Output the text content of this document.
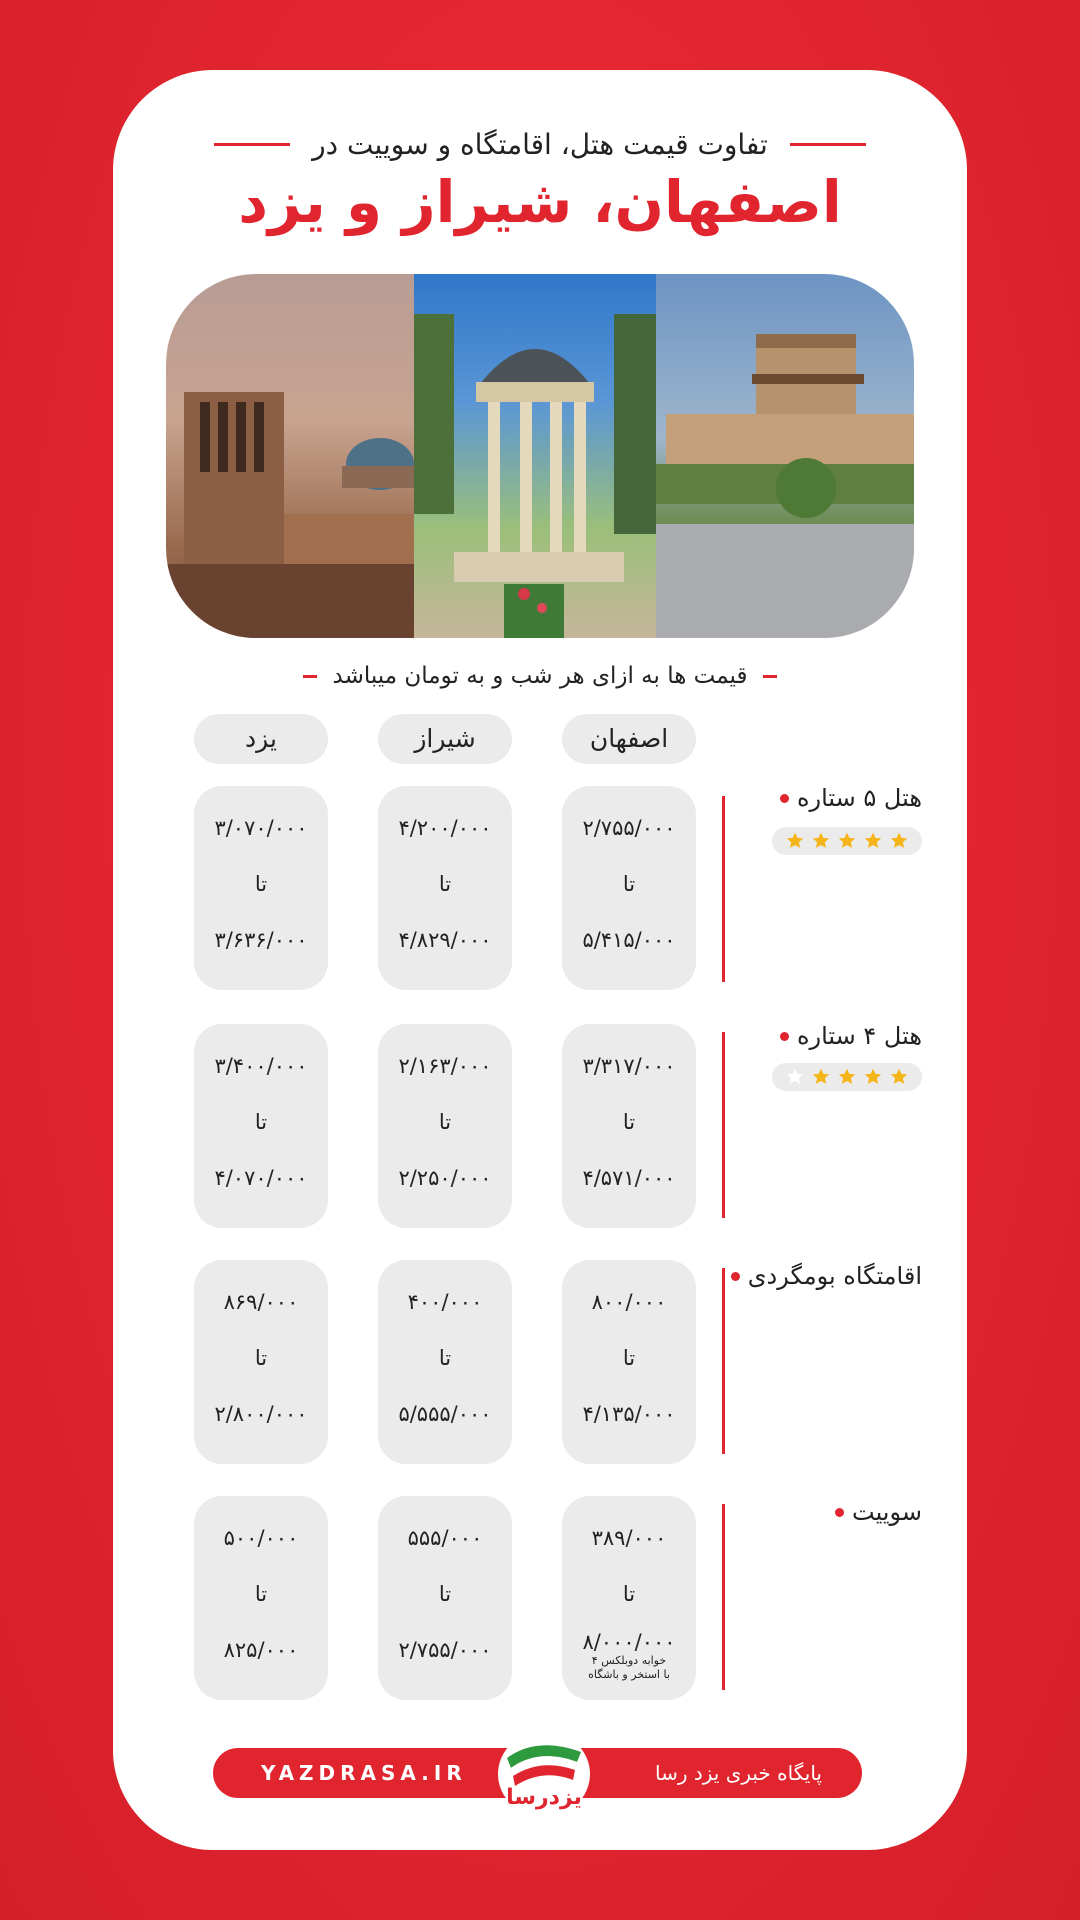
تفاوت قیمت هتل، اقامتگاه و سوییت در
اصفهان، شیراز و یزد
قیمت ها به ازای هر شب و به تومان میباشد
اصفهان
شیراز
یزد
هتل ۵ ستاره
۲/۷۵۵/۰۰۰
تا
۵/۴۱۵/۰۰۰
۴/۲۰۰/۰۰۰
تا
۴/۸۲۹/۰۰۰
۳/۰۷۰/۰۰۰
تا
۳/۶۳۶/۰۰۰
هتل ۴ ستاره
۳/۳۱۷/۰۰۰
تا
۴/۵۷۱/۰۰۰
۲/۱۶۳/۰۰۰
تا
۲/۲۵۰/۰۰۰
۳/۴۰۰/۰۰۰
تا
۴/۰۷۰/۰۰۰
اقامتگاه بومگردی
۸۰۰/۰۰۰
تا
۴/۱۳۵/۰۰۰
۴۰۰/۰۰۰
تا
۵/۵۵۵/۰۰۰
۸۶۹/۰۰۰
تا
۲/۸۰۰/۰۰۰
سوییت
۳۸۹/۰۰۰
تا
۸/۰۰۰/۰۰۰
۴ خوابه دوبلکس
با استخر و باشگاه
۵۵۵/۰۰۰
تا
۲/۷۵۵/۰۰۰
۵۰۰/۰۰۰
تا
۸۲۵/۰۰۰
YAZDRASA.IR	پایگاه خبری یزد رسا
یزدرسا
